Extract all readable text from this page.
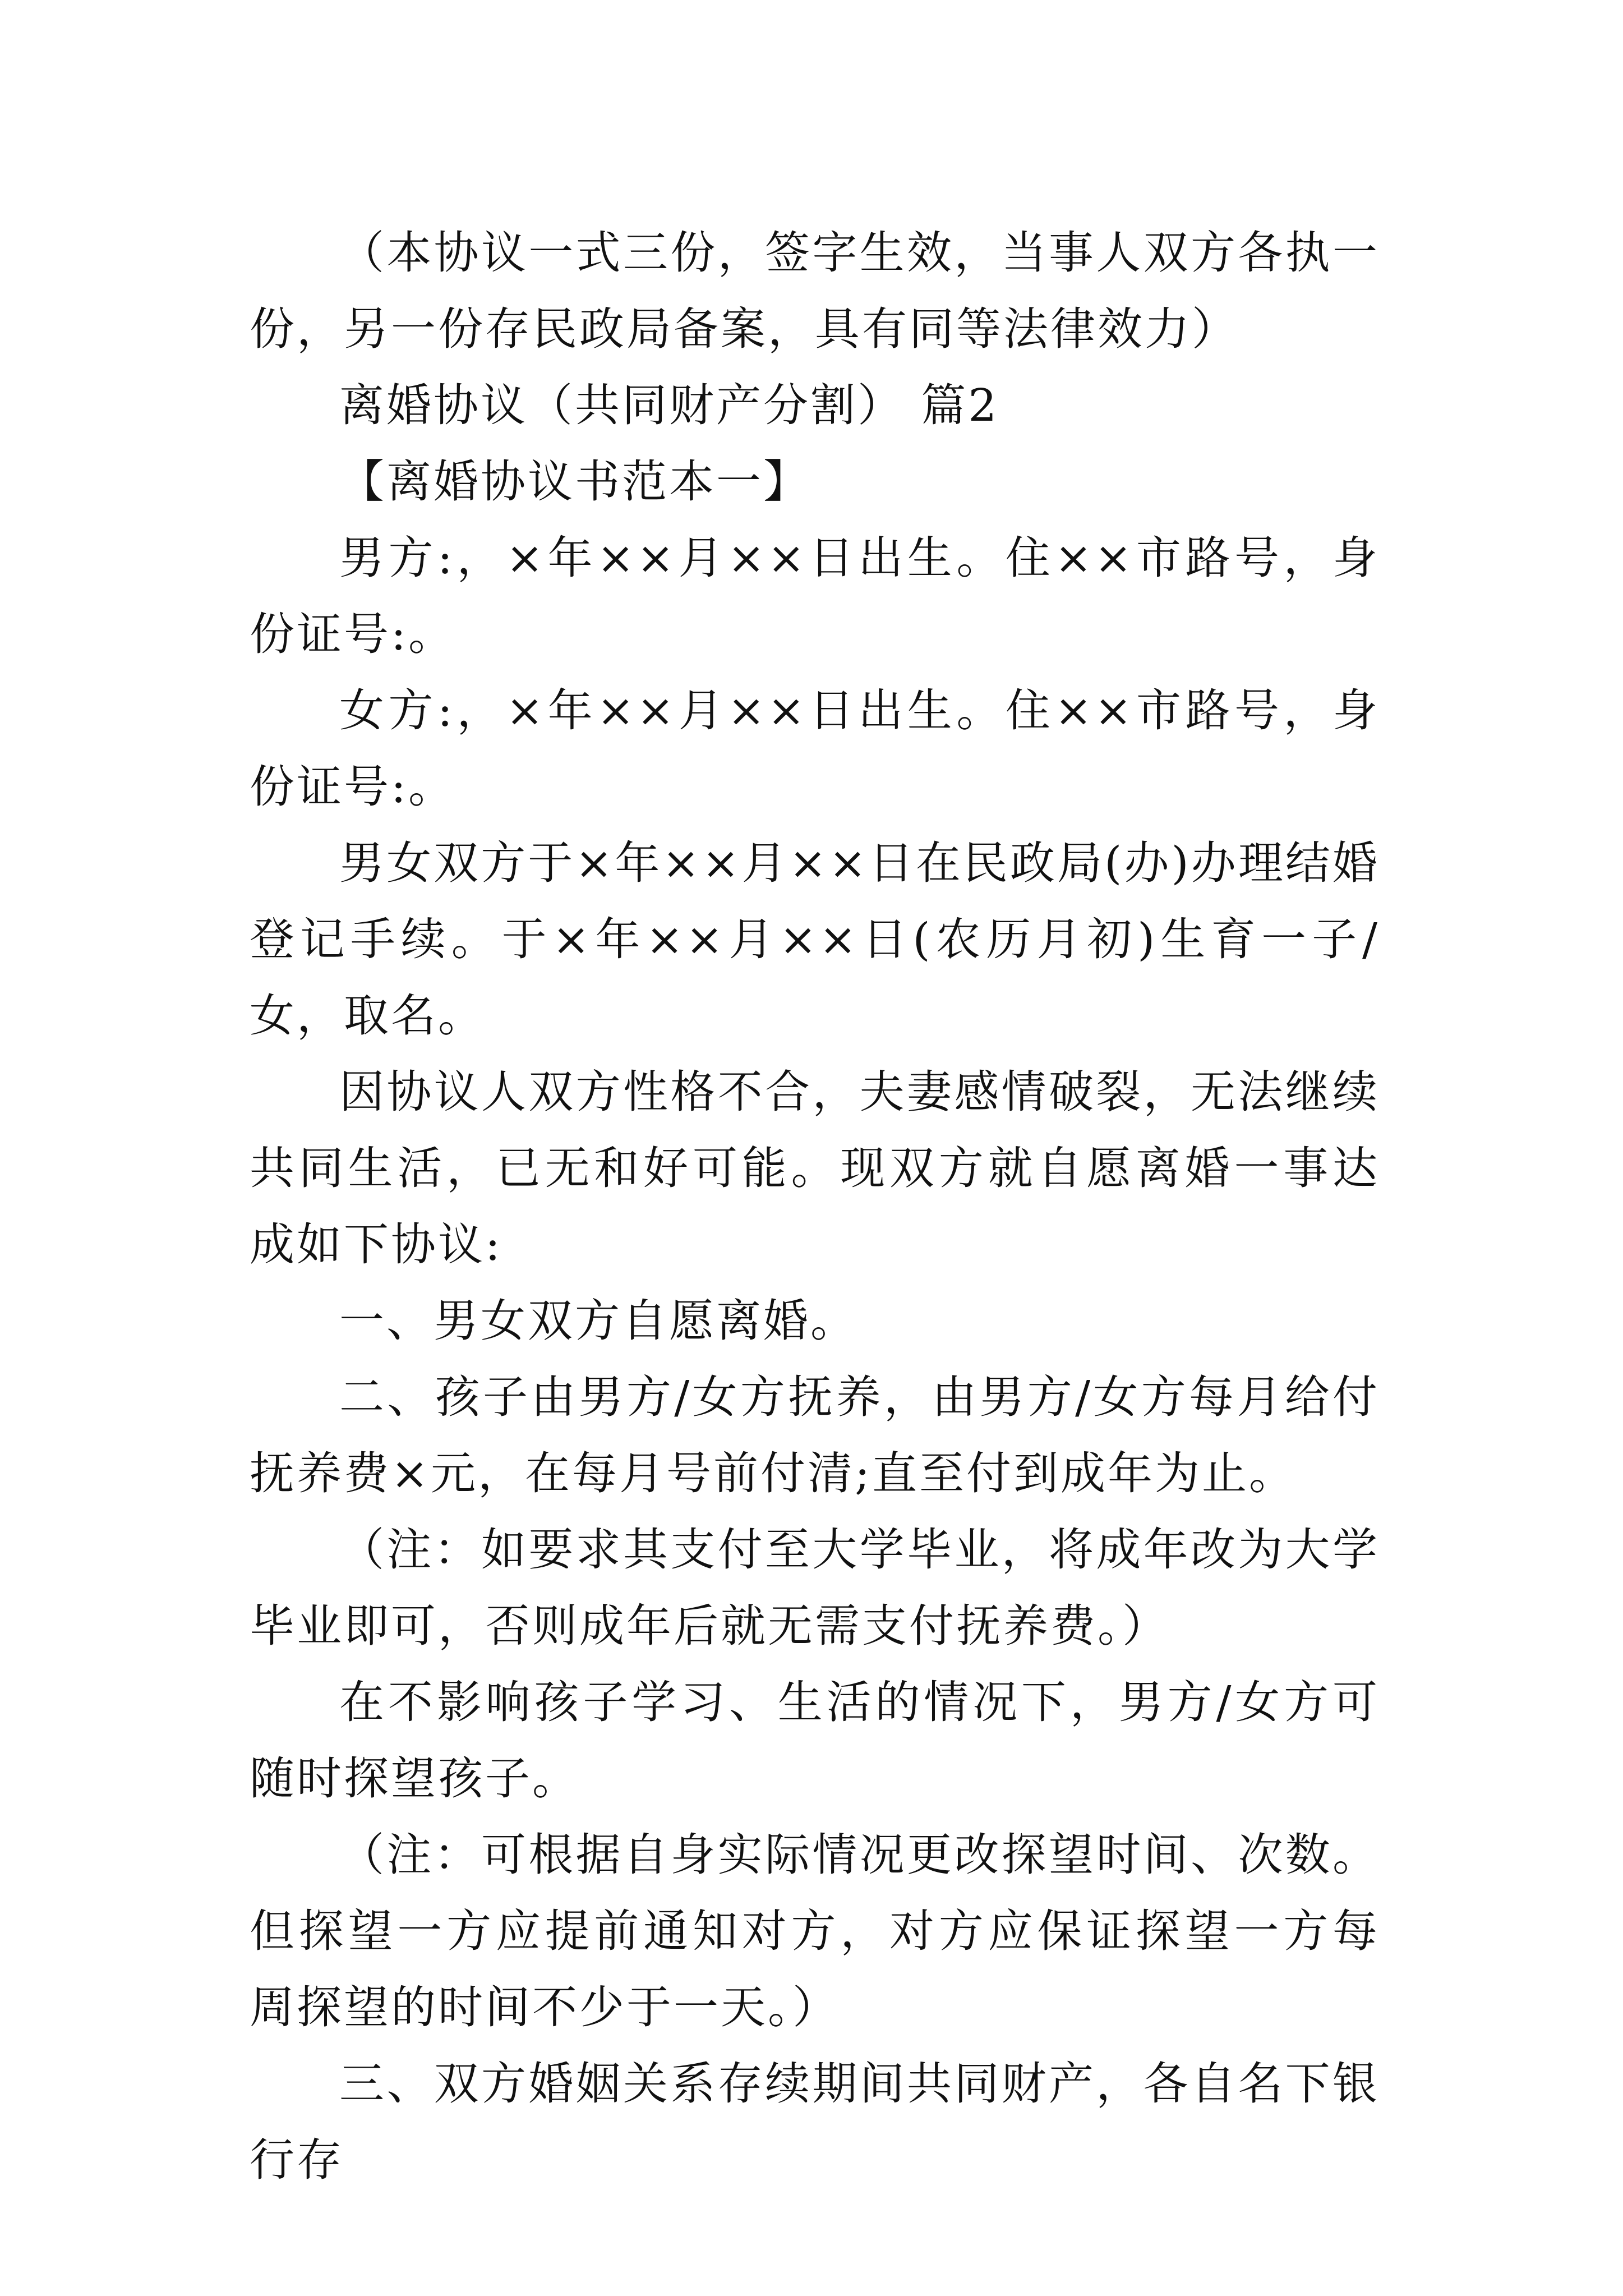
（本协议一式三份，签字生效，当事人双方各执一份，另一份存民政局备案，具有同等法律效力）

离婚协议（共同财产分割） 篇2

【离婚协议书范本一】

男方:，×年××月××日出生。住××市路号，身份证号:。

女方:，×年××月××日出生。住××市路号，身份证号:。

男女双方于×年××月××日在民政局(办)办理结婚登记手续。于×年××月××日(农历月初)生育一子/女，取名。

因协议人双方性格不合，夫妻感情破裂，无法继续共同生活，已无和好可能。现双方就自愿离婚一事达成如下协议:

一、男女双方自愿离婚。

二、孩子由男方/女方抚养，由男方/女方每月给付抚养费×元，在每月号前付清;直至付到成年为止。

（注：如要求其支付至大学毕业，将成年改为大学毕业即可，否则成年后就无需支付抚养费。）

在不影响孩子学习、生活的情况下，男方/女方可随时探望孩子。

（注：可根据自身实际情况更改探望时间、次数。但探望一方应提前通知对方，对方应保证探望一方每周探望的时间不少于一天。）

三、双方婚姻关系存续期间共同财产，各自名下银行存
